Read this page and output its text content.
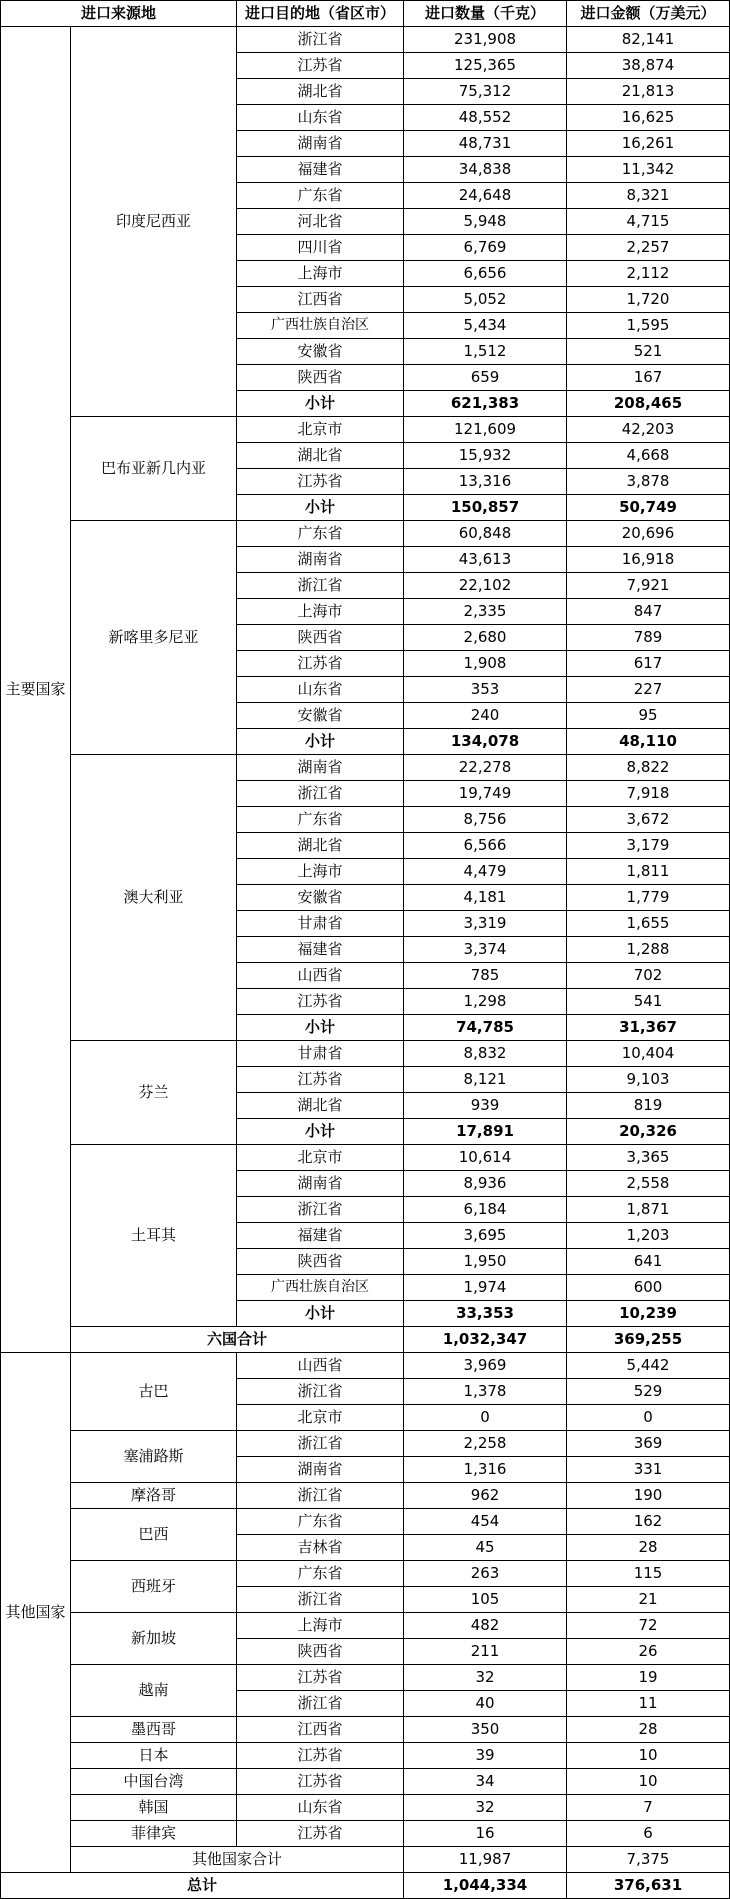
进口来源地		进口目的地（省区市）	进口数量（千克）	进口金额（万美元）
主要国家	印度尼西亚	浙江省	231,908	82,141
		江苏省	125,365	38,874
		湖北省	75,312	21,813
		山东省	48,552	16,625
		湖南省	48,731	16,261
		福建省	34,838	11,342
		广东省	24,648	8,321
		河北省	5,948	4,715
		四川省	6,769	2,257
		上海市	6,656	2,112
		江西省	5,052	1,720
		广西壮族自治区	5,434	1,595
		安徽省	1,512	521
		陕西省	659	167
		小计	621,383	208,465
	巴布亚新几内亚	北京市	121,609	42,203
		湖北省	15,932	4,668
		江苏省	13,316	3,878
		小计	150,857	50,749
	新喀里多尼亚	广东省	60,848	20,696
		湖南省	43,613	16,918
		浙江省	22,102	7,921
		上海市	2,335	847
		陕西省	2,680	789
		江苏省	1,908	617
		山东省	353	227
		安徽省	240	95
		小计	134,078	48,110
	澳大利亚	湖南省	22,278	8,822
		浙江省	19,749	7,918
		广东省	8,756	3,672
		湖北省	6,566	3,179
		上海市	4,479	1,811
		安徽省	4,181	1,779
		甘肃省	3,319	1,655
		福建省	3,374	1,288
		山西省	785	702
		江苏省	1,298	541
		小计	74,785	31,367
	芬兰	甘肃省	8,832	10,404
		江苏省	8,121	9,103
		湖北省	939	819
		小计	17,891	20,326
	土耳其	北京市	10,614	3,365
		湖南省	8,936	2,558
		浙江省	6,184	1,871
		福建省	3,695	1,203
		陕西省	1,950	641
		广西壮族自治区	1,974	600
		小计	33,353	10,239
	六国合计		1,032,347	369,255
其他国家	古巴	山西省	3,969	5,442
		浙江省	1,378	529
		北京市	0	0
	塞浦路斯	浙江省	2,258	369
		湖南省	1,316	331
	摩洛哥	浙江省	962	190
	巴西	广东省	454	162
		吉林省	45	28
	西班牙	广东省	263	115
		浙江省	105	21
	新加坡	上海市	482	72
		陕西省	211	26
	越南	江苏省	32	19
		浙江省	40	11
	墨西哥	江西省	350	28
	日本	江苏省	39	10
	中国台湾	江苏省	34	10
	韩国	山东省	32	7
	菲律宾	江苏省	16	6
	其他国家合计		11,987	7,375
总计			1,044,334	376,631
